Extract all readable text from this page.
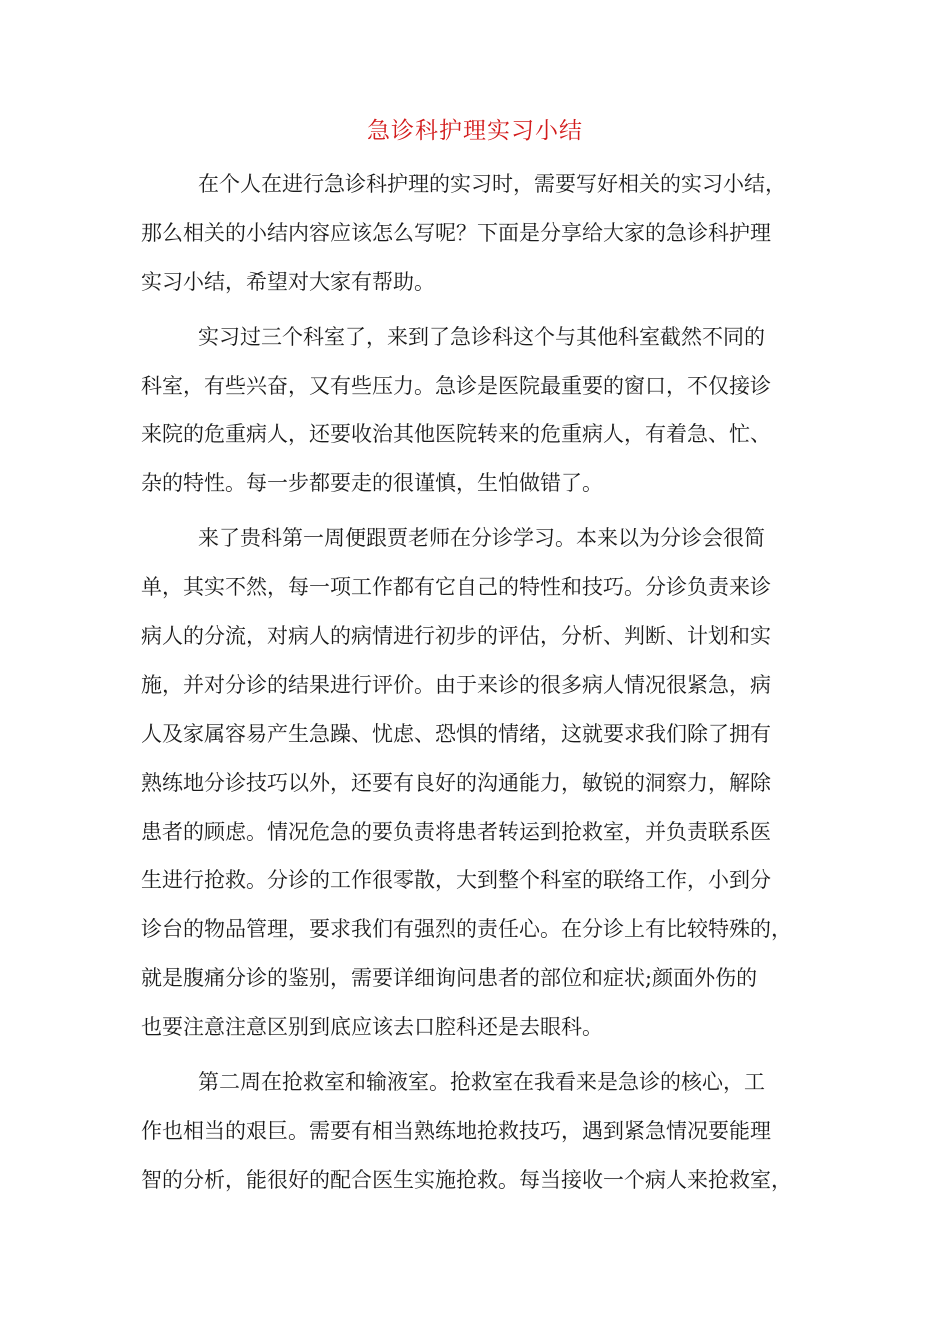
急诊科护理实习小结
在个人在进行急诊科护理的实习时，需要写好相关的实习小结，
那么相关的小结内容应该怎么写呢？下面是分享给大家的急诊科护理
实习小结，希望对大家有帮助。
实习过三个科室了，来到了急诊科这个与其他科室截然不同的
科室，有些兴奋，又有些压力。急诊是医院最重要的窗口，不仅接诊
来院的危重病人，还要收治其他医院转来的危重病人，有着急、忙、
杂的特性。每一步都要走的很谨慎，生怕做错了。
来了贵科第一周便跟贾老师在分诊学习。本来以为分诊会很简
单，其实不然，每一项工作都有它自己的特性和技巧。分诊负责来诊
病人的分流，对病人的病情进行初步的评估，分析、判断、计划和实
施，并对分诊的结果进行评价。由于来诊的很多病人情况很紧急，病
人及家属容易产生急躁、忧虑、恐惧的情绪，这就要求我们除了拥有
熟练地分诊技巧以外，还要有良好的沟通能力，敏锐的洞察力，解除
患者的顾虑。情况危急的要负责将患者转运到抢救室，并负责联系医
生进行抢救。分诊的工作很零散，大到整个科室的联络工作，小到分
诊台的物品管理，要求我们有强烈的责任心。在分诊上有比较特殊的，
就是腹痛分诊的鉴别，需要详细询问患者的部位和症状;颜面外伤的
也要注意注意区别到底应该去口腔科还是去眼科。
第二周在抢救室和输液室。抢救室在我看来是急诊的核心，工
作也相当的艰巨。需要有相当熟练地抢救技巧，遇到紧急情况要能理
智的分析，能很好的配合医生实施抢救。每当接收一个病人来抢救室，
